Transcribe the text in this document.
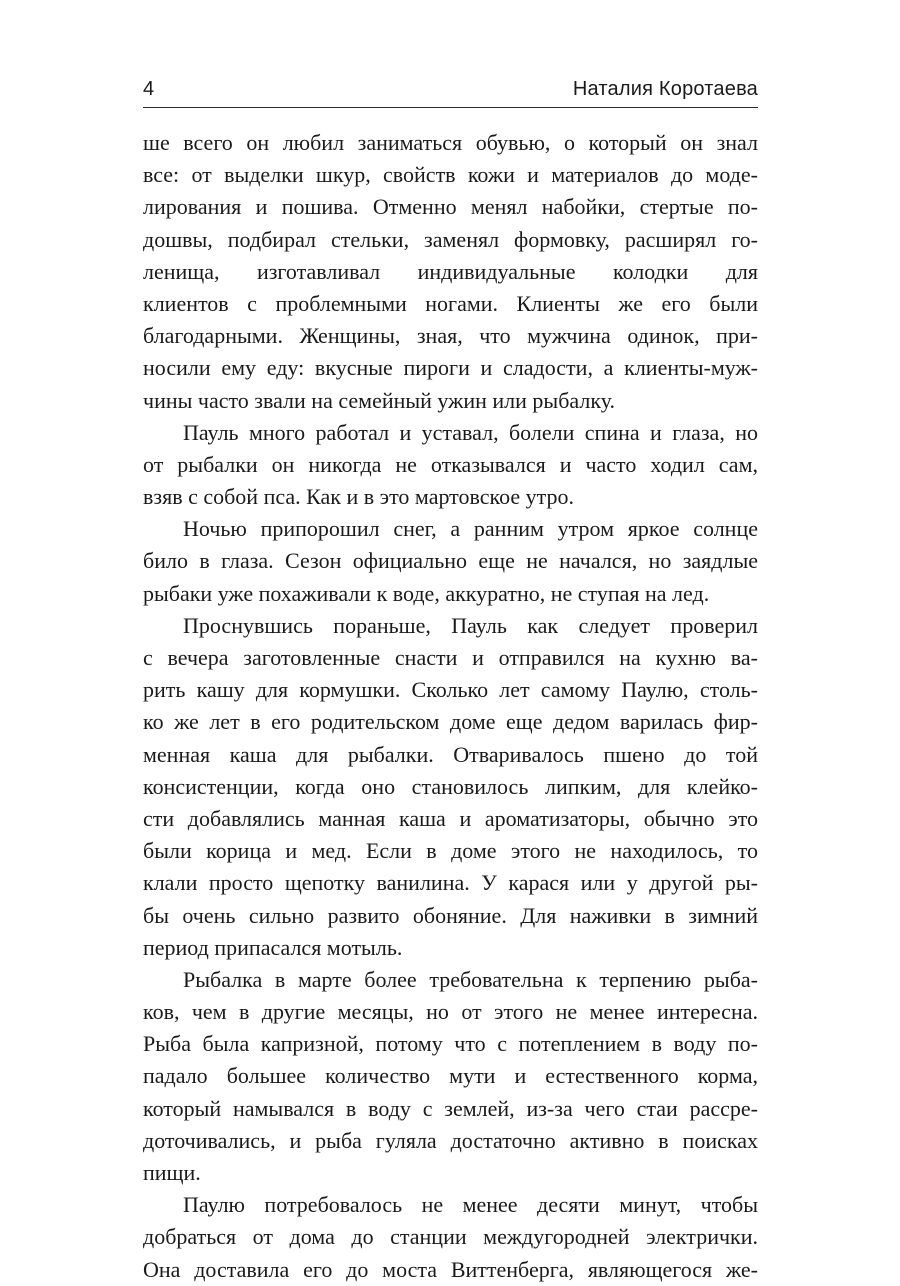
4	Наталия Коротаева
ше всего он любил заниматься обувью, о который он знал
все: от выделки шкур, свойств кожи и материалов до моде-
лирования и пошива. Отменно менял набойки, стертые по-
дошвы, подбирал стельки, заменял формовку, расширял го-
ленища, изготавливал индивидуальные колодки для
клиентов с проблемными ногами. Клиенты же его были
благодарными. Женщины, зная, что мужчина одинок, при-
носили ему еду: вкусные пироги и сладости, а клиенты-муж-
чины часто звали на семейный ужин или рыбалку.
Пауль много работал и уставал, болели спина и глаза, но
от рыбалки он никогда не отказывался и часто ходил сам,
взяв с собой пса. Как и в это мартовское утро.
Ночью припорошил снег, а ранним утром яркое солнце
било в глаза. Сезон официально еще не начался, но заядлые
рыбаки уже похаживали к воде, аккуратно, не ступая на лед.
Проснувшись пораньше, Пауль как следует проверил
с вечера заготовленные снасти и отправился на кухню ва-
рить кашу для кормушки. Сколько лет самому Паулю, столь-
ко же лет в его родительском доме еще дедом варилась фир-
менная каша для рыбалки. Отваривалось пшено до той
консистенции, когда оно становилось липким, для клейко-
сти добавлялись манная каша и ароматизаторы, обычно это
были корица и мед. Если в доме этого не находилось, то
клали просто щепотку ванилина. У карася или у другой ры-
бы очень сильно развито обоняние. Для наживки в зимний
период припасался мотыль.
Рыбалка в марте более требовательна к терпению рыба-
ков, чем в другие месяцы, но от этого не менее интересна.
Рыба была капризной, потому что с потеплением в воду по-
падало большее количество мути и естественного корма,
который намывался в воду с землей, из-за чего стаи рассре-
доточивались, и рыба гуляла достаточно активно в поисках
пищи.
Паулю потребовалось не менее десяти минут, чтобы
добраться от дома до станции междугородней электрички.
Она доставила его до моста Виттенберга, являющегося же-
